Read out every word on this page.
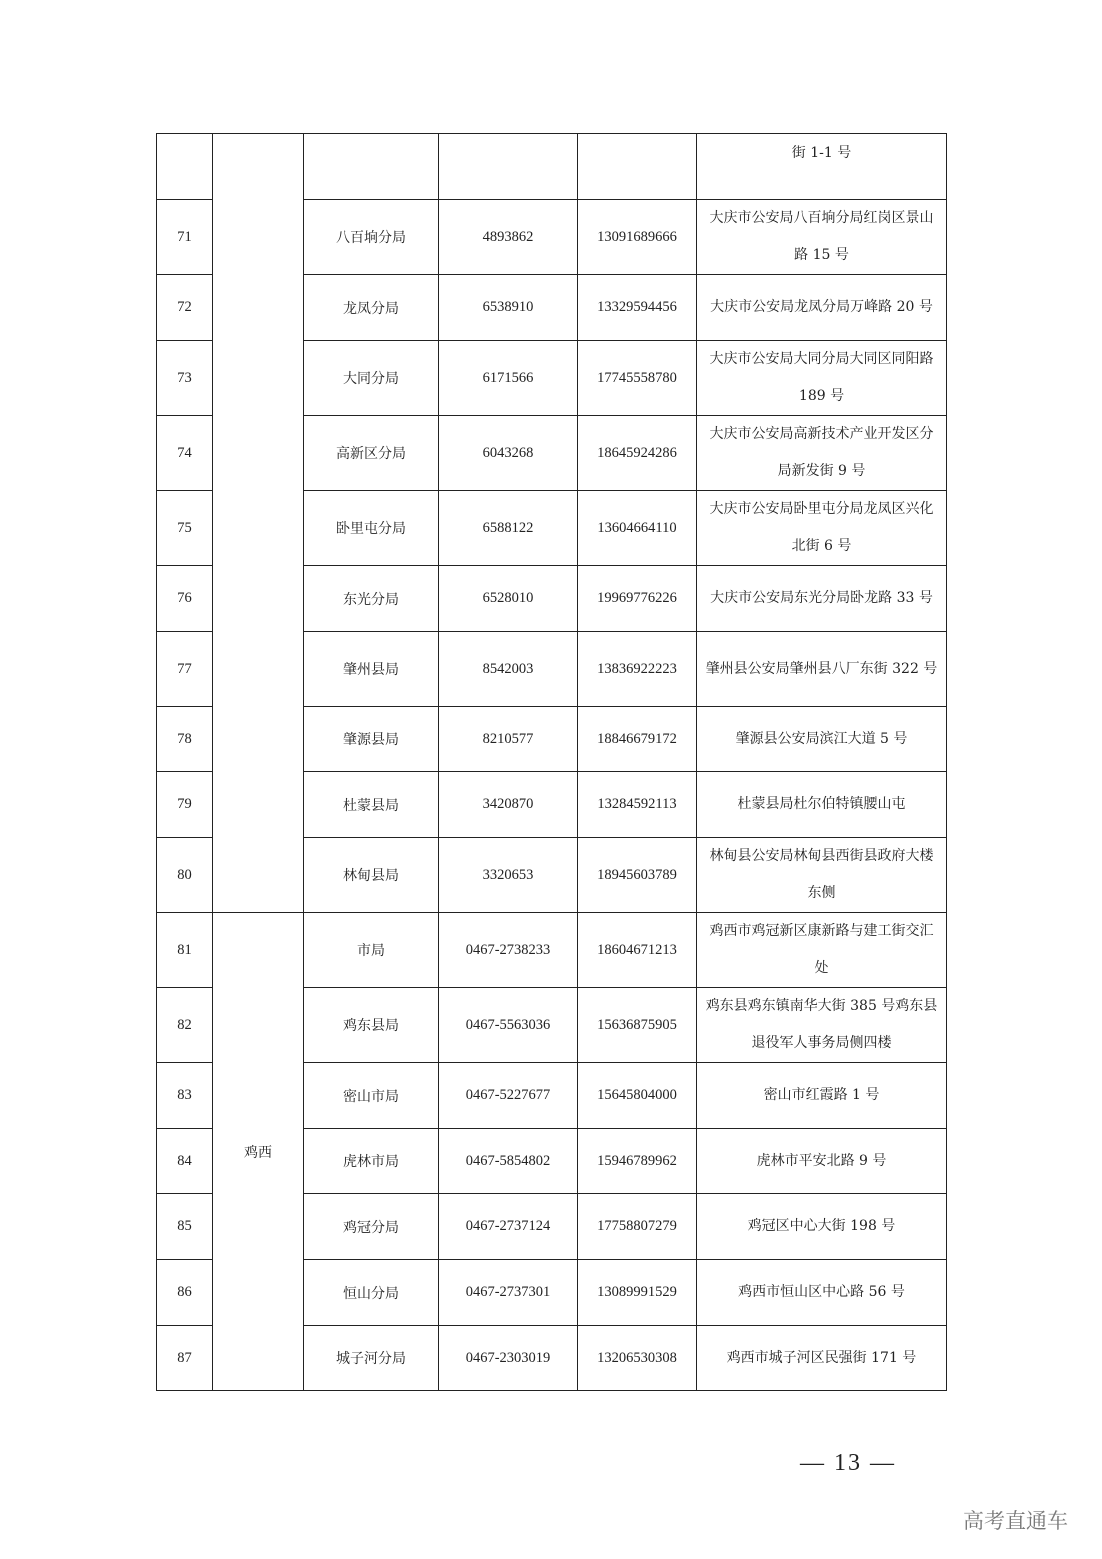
					街 1-1 号
71		八百垧分局	4893862	13091689666	大庆市公安局八百垧分局红岗区景山路 15 号
72		龙凤分局	6538910	13329594456	大庆市公安局龙凤分局万峰路 20 号
73		大同分局	6171566	17745558780	大庆市公安局大同分局大同区同阳路 189 号
74		高新区分局	6043268	18645924286	大庆市公安局高新技术产业开发区分局新发街 9 号
75		卧里屯分局	6588122	13604664110	大庆市公安局卧里屯分局龙凤区兴化北街 6 号
76		东光分局	6528010	19969776226	大庆市公安局东光分局卧龙路 33 号
77		肇州县局	8542003	13836922223	肇州县公安局肇州县八厂东街 322 号
78		肇源县局	8210577	18846679172	肇源县公安局滨江大道 5 号
79		杜蒙县局	3420870	13284592113	杜蒙县局杜尔伯特镇腰山屯
80		林甸县局	3320653	18945603789	林甸县公安局林甸县西街县政府大楼东侧
81	鸡西	市局	0467-2738233	18604671213	鸡西市鸡冠新区康新路与建工街交汇处
82		鸡东县局	0467-5563036	15636875905	鸡东县鸡东镇南华大街 385 号鸡东县退役军人事务局侧四楼
83		密山市局	0467-5227677	15645804000	密山市红霞路 1 号
84		虎林市局	0467-5854802	15946789962	虎林市平安北路 9 号
85		鸡冠分局	0467-2737124	17758807279	鸡冠区中心大街 198 号
86		恒山分局	0467-2737301	13089991529	鸡西市恒山区中心路 56 号
87		城子河分局	0467-2303019	13206530308	鸡西市城子河区民强街 171 号
— 13 —
高考直通车
